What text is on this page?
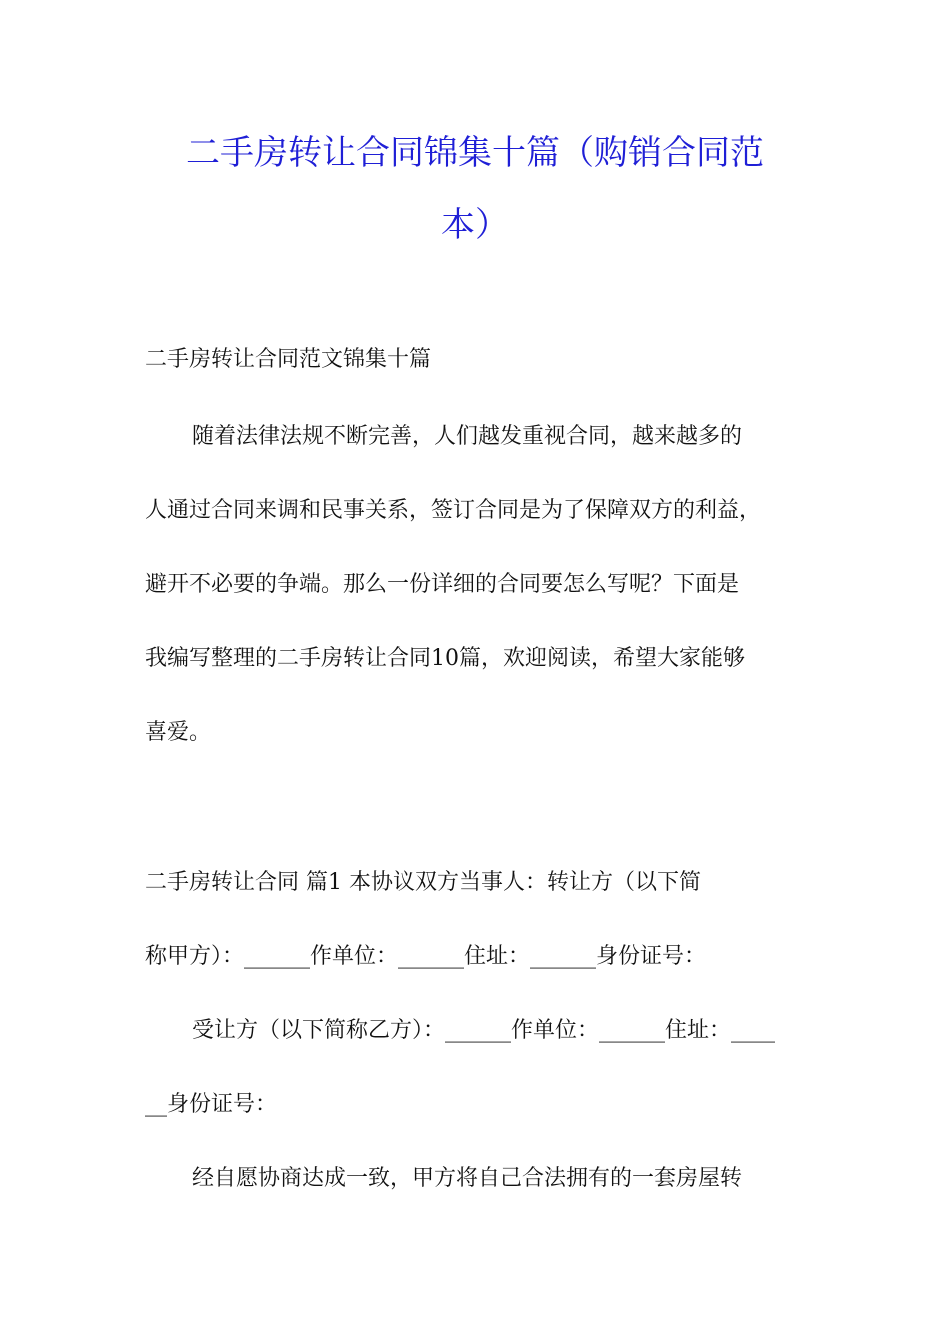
二手房转让合同锦集十篇（购销合同范
本）
二手房转让合同范文锦集十篇
随着法律法规不断完善，人们越发重视合同，越来越多的
人通过合同来调和民事关系，签订合同是为了保障双方的利益，
避开不必要的争端。那么一份详细的合同要怎么写呢？下面是
我编写整理的二手房转让合同10篇，欢迎阅读，希望大家能够
喜爱。
二手房转让合同 篇1 本协议双方当事人：转让方（以下简
称甲方）：______作单位：______住址：______身份证号：
受让方（以下简称乙方）：______作单位：______住址：____
__身份证号：
经自愿协商达成一致，甲方将自己合法拥有的一套房屋转
